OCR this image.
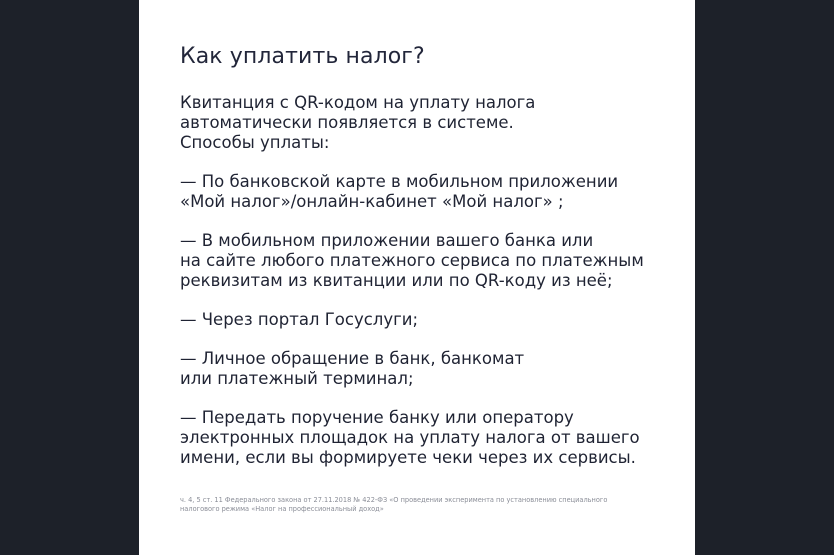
Как уплатить налог?

Квитанция с QR-кодом на уплату налога
автоматически появляется в системе.
Способы уплаты:

— По банковской карте в мобильном приложении
«Мой налог»/онлайн-кабинет «Мой налог» ;

— В мобильном приложении вашего банка или
на сайте любого платежного сервиса по платежным
реквизитам из квитанции или по QR-коду из неё;

— Через портал Госуслуги;

— Личное обращение в банк, банкомат
или платежный терминал;

— Передать поручение банку или оператору
электронных площадок на уплату налога от вашего
имени, если вы формируете чеки через их сервисы.

ч. 4, 5 ст. 11 Федерального закона от 27.11.2018 № 422-ФЗ «О проведении эксперимента по установлению специального
налогового режима «Налог на профессиональный доход»
